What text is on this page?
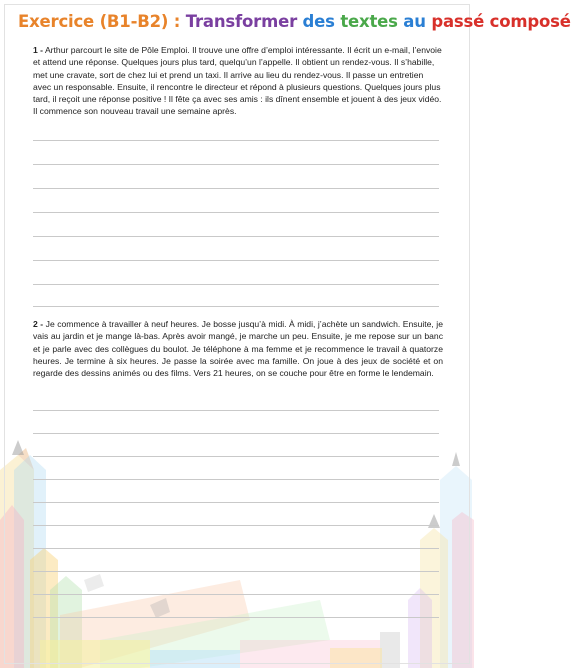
Exercice (B1-B2) : Transformer des textes au passé composé
1 - Arthur parcourt le site de Pôle Emploi. Il trouve une offre d’emploi intéressante. Il écrit un e-mail, l’envoie et attend une réponse. Quelques jours plus tard, quelqu’un l’appelle. Il obtient un rendez-vous. Il s’habille, met une cravate, sort de chez lui et prend un taxi. Il arrive au lieu du rendez-vous. Il passe un entretien avec un responsable. Ensuite, il rencontre le directeur et répond à plusieurs questions. Quelques jours plus tard, il reçoit une réponse positive ! Il fête ça avec ses amis : ils dînent ensemble et jouent à des jeux vidéo. Il commence son nouveau travail une semaine après.
2 - Je commence à travailler à neuf heures. Je bosse jusqu’à midi. À midi, j’achète un sandwich. Ensuite, je vais au jardin et je mange là-bas. Après avoir mangé, je marche un peu. Ensuite, je me repose sur un banc et je parle avec des collègues du boulot. Je téléphone à ma femme et je recommence le travail à quatorze heures. Je termine à six heures. Je passe la soirée avec ma famille. On joue à des jeux de société et on regarde des dessins animés ou des films. Vers 21 heures, on se couche pour être en forme le lendemain.
